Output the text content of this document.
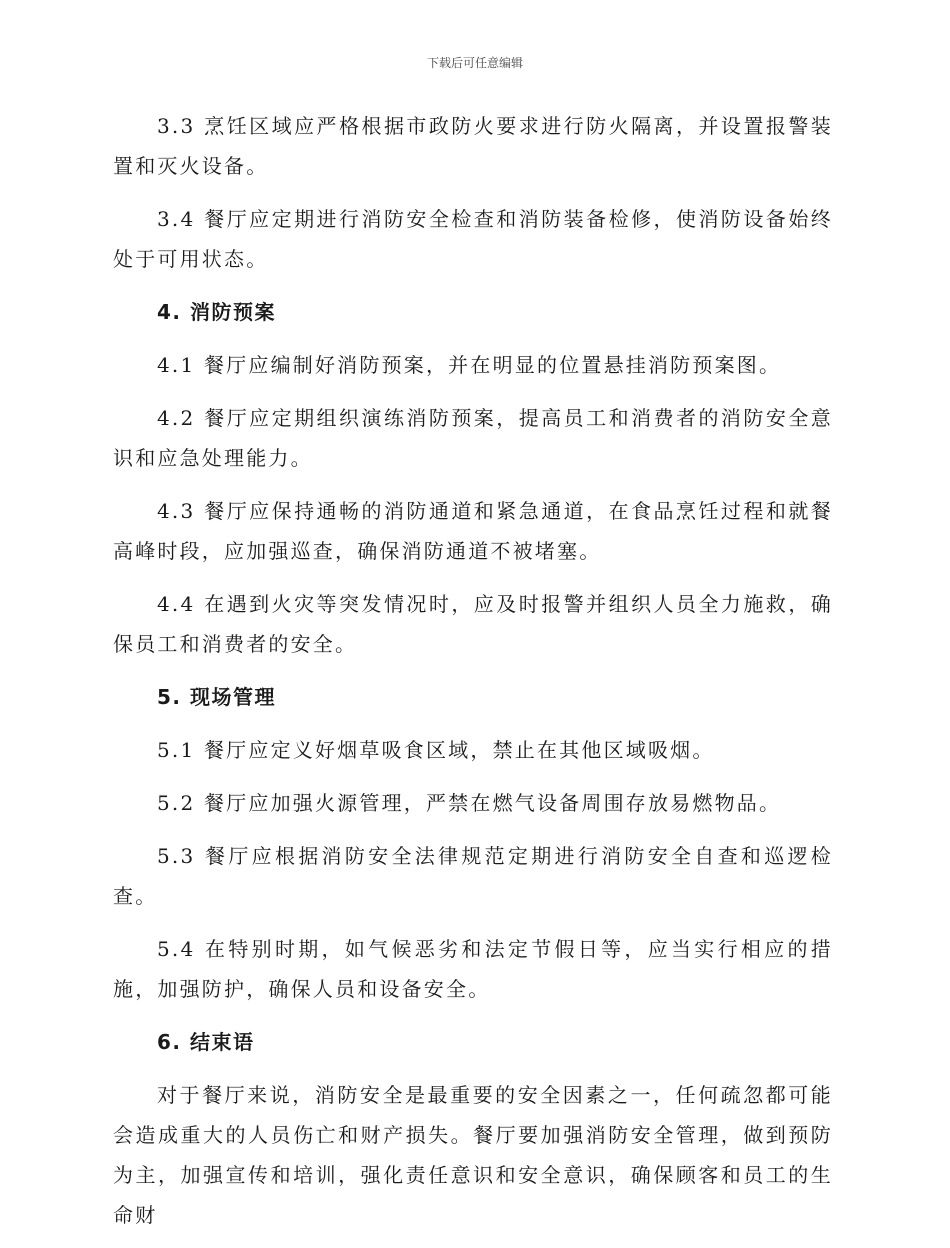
下载后可任意编辑

3.3 烹饪区域应严格根据市政防火要求进行防火隔离，并设置报警装置和灭火设备。

3.4 餐厅应定期进行消防安全检查和消防装备检修，使消防设备始终处于可用状态。

4. 消防预案

4.1 餐厅应编制好消防预案，并在明显的位置悬挂消防预案图。

4.2 餐厅应定期组织演练消防预案，提高员工和消费者的消防安全意识和应急处理能力。

4.3 餐厅应保持通畅的消防通道和紧急通道，在食品烹饪过程和就餐高峰时段，应加强巡查，确保消防通道不被堵塞。

4.4 在遇到火灾等突发情况时，应及时报警并组织人员全力施救，确保员工和消费者的安全。

5. 现场管理

5.1 餐厅应定义好烟草吸食区域，禁止在其他区域吸烟。

5.2 餐厅应加强火源管理，严禁在燃气设备周围存放易燃物品。

5.3 餐厅应根据消防安全法律规范定期进行消防安全自查和巡逻检查。

5.4 在特别时期，如气候恶劣和法定节假日等，应当实行相应的措施，加强防护，确保人员和设备安全。

6. 结束语

对于餐厅来说，消防安全是最重要的安全因素之一，任何疏忽都可能会造成重大的人员伤亡和财产损失。餐厅要加强消防安全管理，做到预防为主，加强宣传和培训，强化责任意识和安全意识，确保顾客和员工的生命财
